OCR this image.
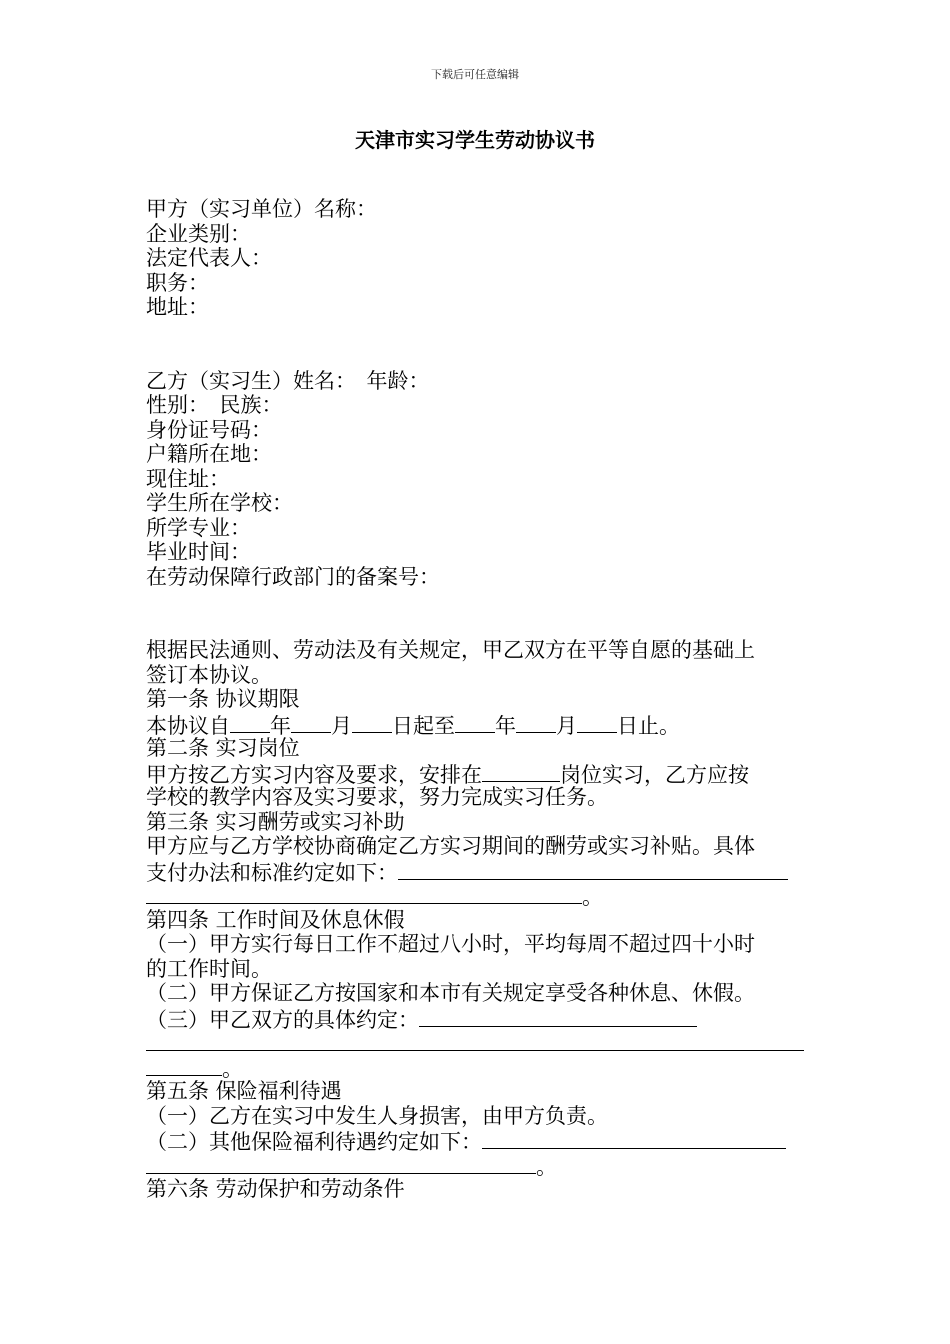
下载后可任意编辑
天津市实习学生劳动协议书
甲方（实习单位）名称：
企业类别：
法定代表人：
职务：
地址：
乙方（实习生）姓名：　年龄：
性别：　民族：
身份证号码：
户籍所在地：
现住址：
学生所在学校：
所学专业：
毕业时间：
在劳动保障行政部门的备案号：
根据民法通则、劳动法及有关规定，甲乙双方在平等自愿的基础上
签订本协议。
第一条 协议期限
本协议自 年 月 日起至 年 月 日止。
第二条 实习岗位
甲方按乙方实习内容及要求，安排在	岗位实习，乙方应按
学校的教学内容及实习要求，努力完成实习任务。
第三条 实习酬劳或实习补助
甲方应与乙方学校协商确定乙方实习期间的酬劳或实习补贴。具体
支付办法和标准约定如下：
。
第四条 工作时间及休息休假
（一）甲方实行每日工作不超过八小时，平均每周不超过四十小时
的工作时间。
（二）甲方保证乙方按国家和本市有关规定享受各种休息、休假。
（三）甲乙双方的具体约定：
。
第五条 保险福利待遇
（一）乙方在实习中发生人身损害，由甲方负责。
（二）其他保险福利待遇约定如下：
。
第六条 劳动保护和劳动条件
